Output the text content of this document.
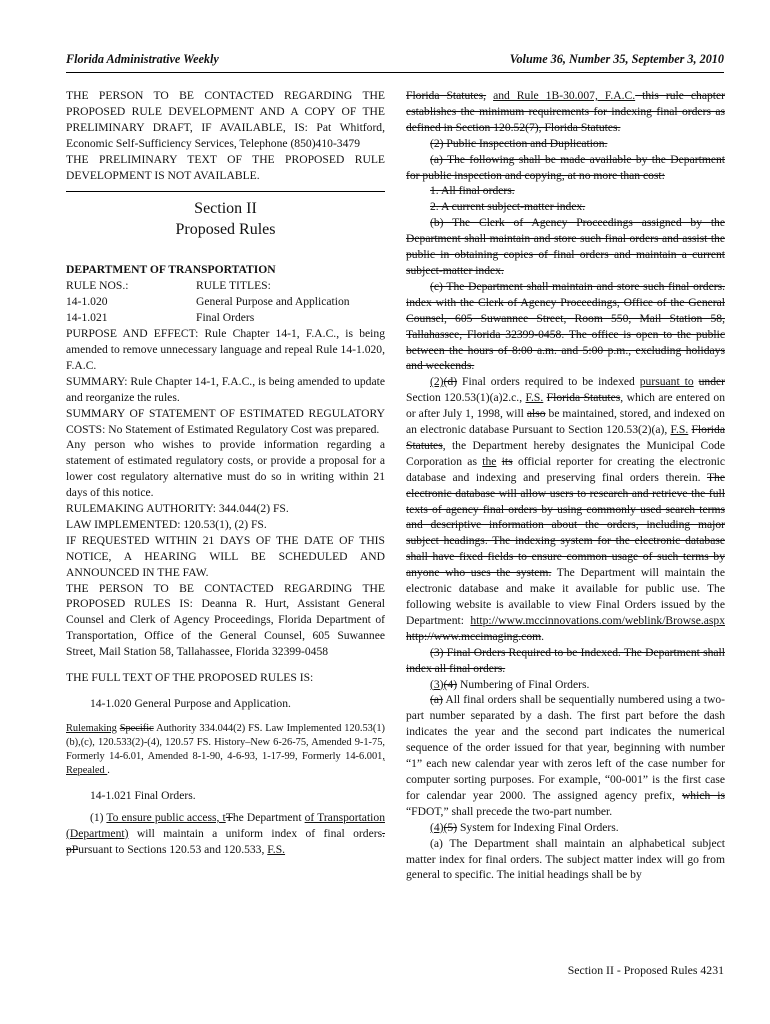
Florida Administrative Weekly	Volume 36, Number 35, September 3, 2010

THE PERSON TO BE CONTACTED REGARDING THE PROPOSED RULE DEVELOPMENT AND A COPY OF THE PRELIMINARY DRAFT, IF AVAILABLE, IS: Pat Whitford, Economic Self-Sufficiency Services, Telephone (850)410-3479

THE PRELIMINARY TEXT OF THE PROPOSED RULE DEVELOPMENT IS NOT AVAILABLE.

Section II
Proposed Rules

DEPARTMENT OF TRANSPORTATION

RULE NOS.:	RULE TITLES:
14-1.020	General Purpose and Application
14-1.021	Final Orders

PURPOSE AND EFFECT: Rule Chapter 14-1, F.A.C., is being amended to remove unnecessary language and repeal Rule 14-1.020, F.A.C.

SUMMARY: Rule Chapter 14-1, F.A.C., is being amended to update and reorganize the rules.

SUMMARY OF STATEMENT OF ESTIMATED REGULATORY COSTS: No Statement of Estimated Regulatory Cost was prepared.

Any person who wishes to provide information regarding a statement of estimated regulatory costs, or provide a proposal for a lower cost regulatory alternative must do so in writing within 21 days of this notice.

RULEMAKING AUTHORITY: 344.044(2) FS.

LAW IMPLEMENTED: 120.53(1), (2) FS.

IF REQUESTED WITHIN 21 DAYS OF THE DATE OF THIS NOTICE, A HEARING WILL BE SCHEDULED AND ANNOUNCED IN THE FAW.

THE PERSON TO BE CONTACTED REGARDING THE PROPOSED RULES IS: Deanna R. Hurt, Assistant General Counsel and Clerk of Agency Proceedings, Florida Department of Transportation, Office of the General Counsel, 605 Suwannee Street, Mail Station 58, Tallahassee, Florida 32399-0458

THE FULL TEXT OF THE PROPOSED RULES IS:

14-1.020 General Purpose and Application.

Rulemaking Specific Authority 334.044(2) FS. Law Implemented 120.53(1)(b),(c), 120.533(2)-(4), 120.57 FS. History–New 6-26-75, Amended 9-1-75, Formerly 14-6.01, Amended 8-1-90, 4-6-93, 1-17-99, Formerly 14-6.001, Repealed .

14-1.021 Final Orders.

(1) To ensure public access, tThe Department of Transportation (Department) will maintain a uniform index of final orders. pPursuant to Sections 120.53 and 120.533, F.S.

Florida Statutes, and Rule 1B-30.007, F.A.C. this rule chapter establishes the minimum requirements for indexing final orders as defined in Section 120.52(7), Florida Statutes.

(2) Public Inspection and Duplication.

(a) The following shall be made available by the Department for public inspection and copying, at no more than cost:

1. All final orders.

2. A current subject-matter index.

(b) The Clerk of Agency Proceedings assigned by the Department shall maintain and store such final orders and assist the public in obtaining copies of final orders and maintain a current subject-matter index.

(c) The Department shall maintain and store such final orders. index with the Clerk of Agency Proceedings, Office of the General Counsel, 605 Suwannee Street, Room 550, Mail Station 58, Tallahassee, Florida 32399-0458. The office is open to the public between the hours of 8:00 a.m. and 5:00 p.m., excluding holidays and weekends.

(2)(d) Final orders required to be indexed pursuant to under Section 120.53(1)(a)2.c., F.S. Florida Statutes, which are entered on or after July 1, 1998, will also be maintained, stored, and indexed on an electronic database Pursuant to Section 120.53(2)(a), F.S. Florida Statutes, the Department hereby designates the Municipal Code Corporation as the its official reporter for creating the electronic database and indexing and preserving final orders therein. The electronic database will allow users to research and retrieve the full texts of agency final orders by using commonly used search terms and descriptive information about the orders, including major subject headings. The indexing system for the electronic database shall have fixed fields to ensure common usage of such terms by anyone who uses the system. The Department will maintain the electronic database and make it available for public use. The following website is available to view Final Orders issued by the Department: http://www.mccinnovations.com/weblink/Browse.aspx http://www.mccimaging.com.

(3) Final Orders Required to be Indexed. The Department shall index all final orders.

(3)(4) Numbering of Final Orders.

(a) All final orders shall be sequentially numbered using a two-part number separated by a dash. The first part before the dash indicates the year and the second part indicates the numerical sequence of the order issued for that year, beginning with number “1” each new calendar year with zeros left of the case number for computer sorting purposes. For example, “00-001” is the first case for calendar year 2000. The assigned agency prefix, which is “FDOT,” shall precede the two-part number.

(4)(5) System for Indexing Final Orders.

(a) The Department shall maintain an alphabetical subject matter index for final orders. The subject matter index will go from general to specific. The initial headings shall be by

Section II - Proposed Rules 4231
